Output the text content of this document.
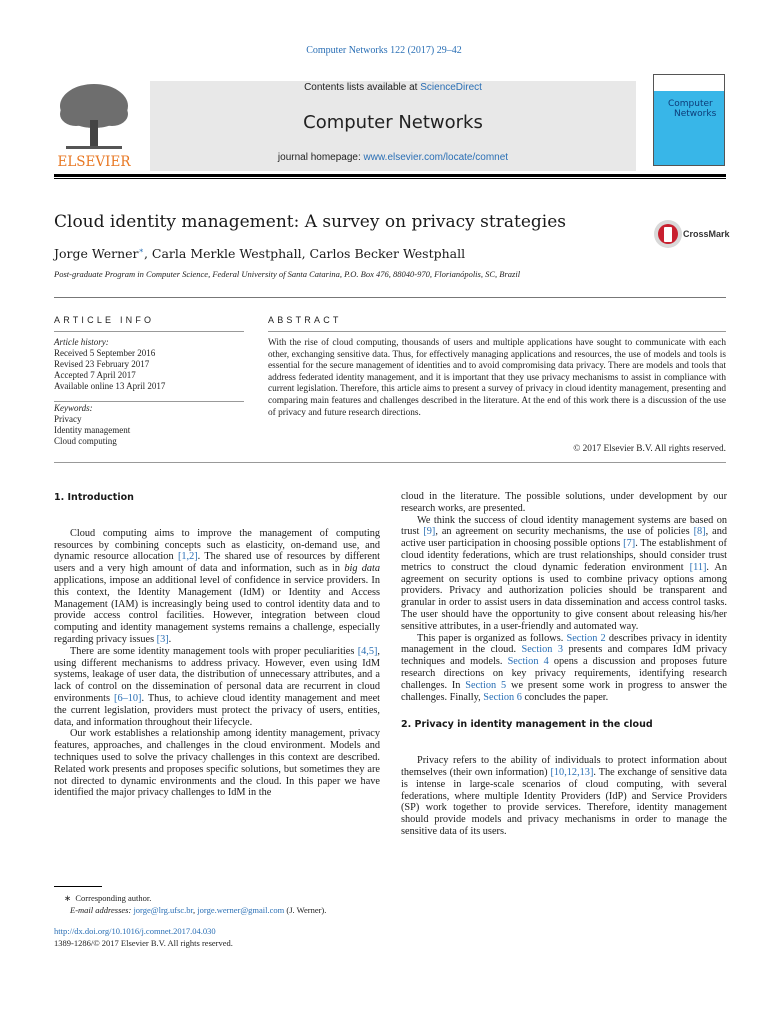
Computer Networks 122 (2017) 29–42
ELSEVIER
Contents lists available at ScienceDirect
Computer Networks
journal homepage: www.elsevier.com/locate/comnet
Computer
Networks
Cloud identity management: A survey on privacy strategies
Jorge Werner∗, Carla Merkle Westphall, Carlos Becker Westphall
Post-graduate Program in Computer Science, Federal University of Santa Catarina, P.O. Box 476, 88040-970, Florianópolis, SC, Brazil
CrossMark
ARTICLE INFO	ABSTRACT
Article history:
Received 5 September 2016
Revised 23 February 2017
Accepted 7 April 2017
Available online 13 April 2017
Keywords:
Privacy
Identity management
Cloud computing
With the rise of cloud computing, thousands of users and multiple applications have sought to communicate with each other, exchanging sensitive data. Thus, for effectively managing applications and resources, the use of models and tools is essential for the secure management of identities and to avoid compromising data privacy. There are models and tools that address federated identity management, and it is important that they use privacy mechanisms to assist in compliance with current legislation. Therefore, this article aims to present a survey of privacy in cloud identity management, presenting and comparing main features and challenges described in the literature. At the end of this work there is a discussion of the use of privacy and future research directions.
© 2017 Elsevier B.V. All rights reserved.
1. Introduction

Cloud computing aims to improve the management of computing resources by combining concepts such as elasticity, on-demand use, and dynamic resource allocation [1,2]. The shared use of resources by different users and a very high amount of data and information, such as in big data applications, impose an additional level of confidence in service providers. In this context, the Identity Management (IdM) or Identity and Access Management (IAM) is increasingly being used to control identity data and to provide access control facilities. However, integration between cloud computing and identity management systems remains a challenge, especially regarding privacy issues [3].

There are some identity management tools with proper peculiarities [4,5], using different mechanisms to address privacy. However, even using IdM systems, leakage of user data, the distribution of unnecessary attributes, and a lack of control on the dissemination of personal data are recurrent in cloud environments [6–10]. Thus, to achieve cloud identity management and meet the current legislation, providers must protect the privacy of users, entities, data, and information throughout their lifecycle.

Our work establishes a relationship among identity management, privacy features, approaches, and challenges in the cloud environment. Models and techniques used to solve the privacy challenges in this context are described. Related work presents and proposes specific solutions, but sometimes they are not directed to dynamic environments and the cloud. In this paper we have identified the major privacy challenges to IdM in the

cloud in the literature. The possible solutions, under development by our research works, are presented.

We think the success of cloud identity management systems are based on trust [9], an agreement on security mechanisms, the use of policies [8], and active user participation in choosing possible options [7]. The establishment of cloud identity federations, which are trust relationships, should consider trust metrics to construct the cloud dynamic federation environment [11]. An agreement on security options is used to combine privacy options among providers. Privacy and authorization policies should be transparent and granular in order to assist users in data dissemination and access control tasks. The user should have the opportunity to give consent about releasing his/her sensitive attributes, in a user-friendly and automated way.

This paper is organized as follows. Section 2 describes privacy in identity management in the cloud. Section 3 presents and compares IdM privacy techniques and models. Section 4 opens a discussion and proposes future research directions on key privacy requirements, identifying research challenges. In Section 5 we present some work in progress to answer the challenges. Finally, Section 6 concludes the paper.

2. Privacy in identity management in the cloud

Privacy refers to the ability of individuals to protect information about themselves (their own information) [10,12,13]. The exchange of sensitive data is intense in large-scale scenarios of cloud computing, with several federations, where multiple Identity Providers (IdP) and Service Providers (SP) work together to provide services. Therefore, identity management should provide models and privacy mechanisms in order to manage the sensitive data of its users.

∗ Corresponding author.
E-mail addresses: jorge@lrg.ufsc.br, jorge.werner@gmail.com (J. Werner).
http://dx.doi.org/10.1016/j.comnet.2017.04.030
1389-1286/© 2017 Elsevier B.V. All rights reserved.
